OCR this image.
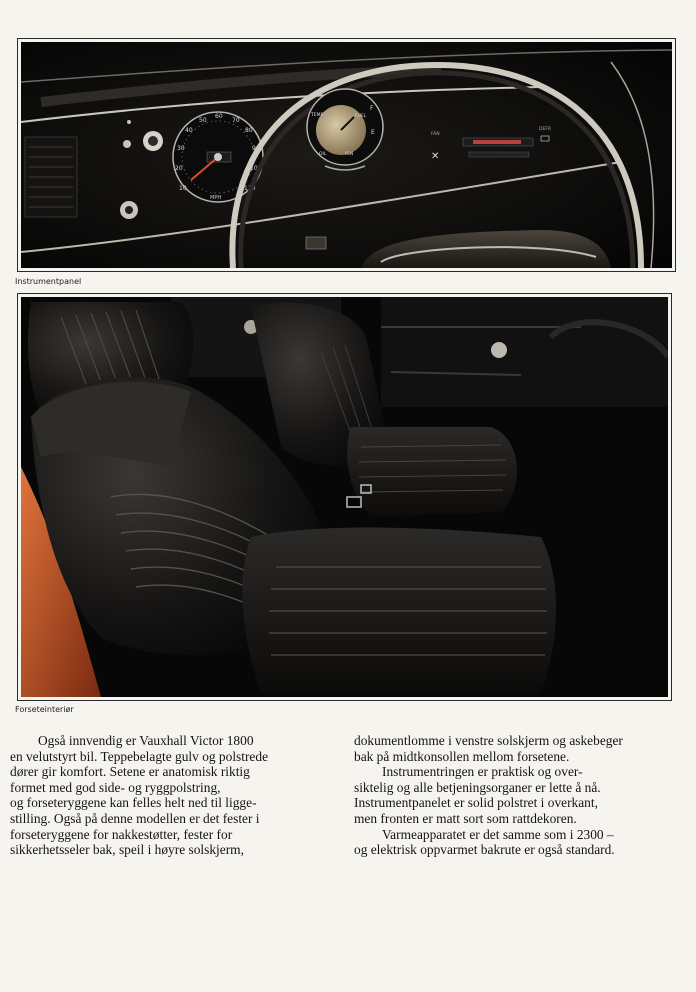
10
20
30
40
50
60
70
80
90
100
110
MPH
TEMP	FUEL
F
E
OIL	IGN
FAN
✕
DEFR
Instrumentpanel
Forseteinteriør

Også innvendig er Vauxhall Victor 1800

en velutstyrt bil. Teppebelagte gulv og polstrede

dører gir komfort. Setene er anatomisk riktig

formet med god side- og ryggpolstring,

og forseteryggene kan felles helt ned til ligge-

stilling. Også på denne modellen er det fester i

forseteryggene for nakkestøtter, fester for

sikkerhetsseler bak, speil i høyre solskjerm,

dokumentlomme i venstre solskjerm og askebeger

bak på midtkonsollen mellom forsetene.

Instrumentringen er praktisk og over-

siktelig og alle betjeningsorganer er lette å nå.

Instrumentpanelet er solid polstret i overkant,

men fronten er matt sort som rattdekoren.

Varmeapparatet er det samme som i 2300 –

og elektrisk oppvarmet bakrute er også standard.
